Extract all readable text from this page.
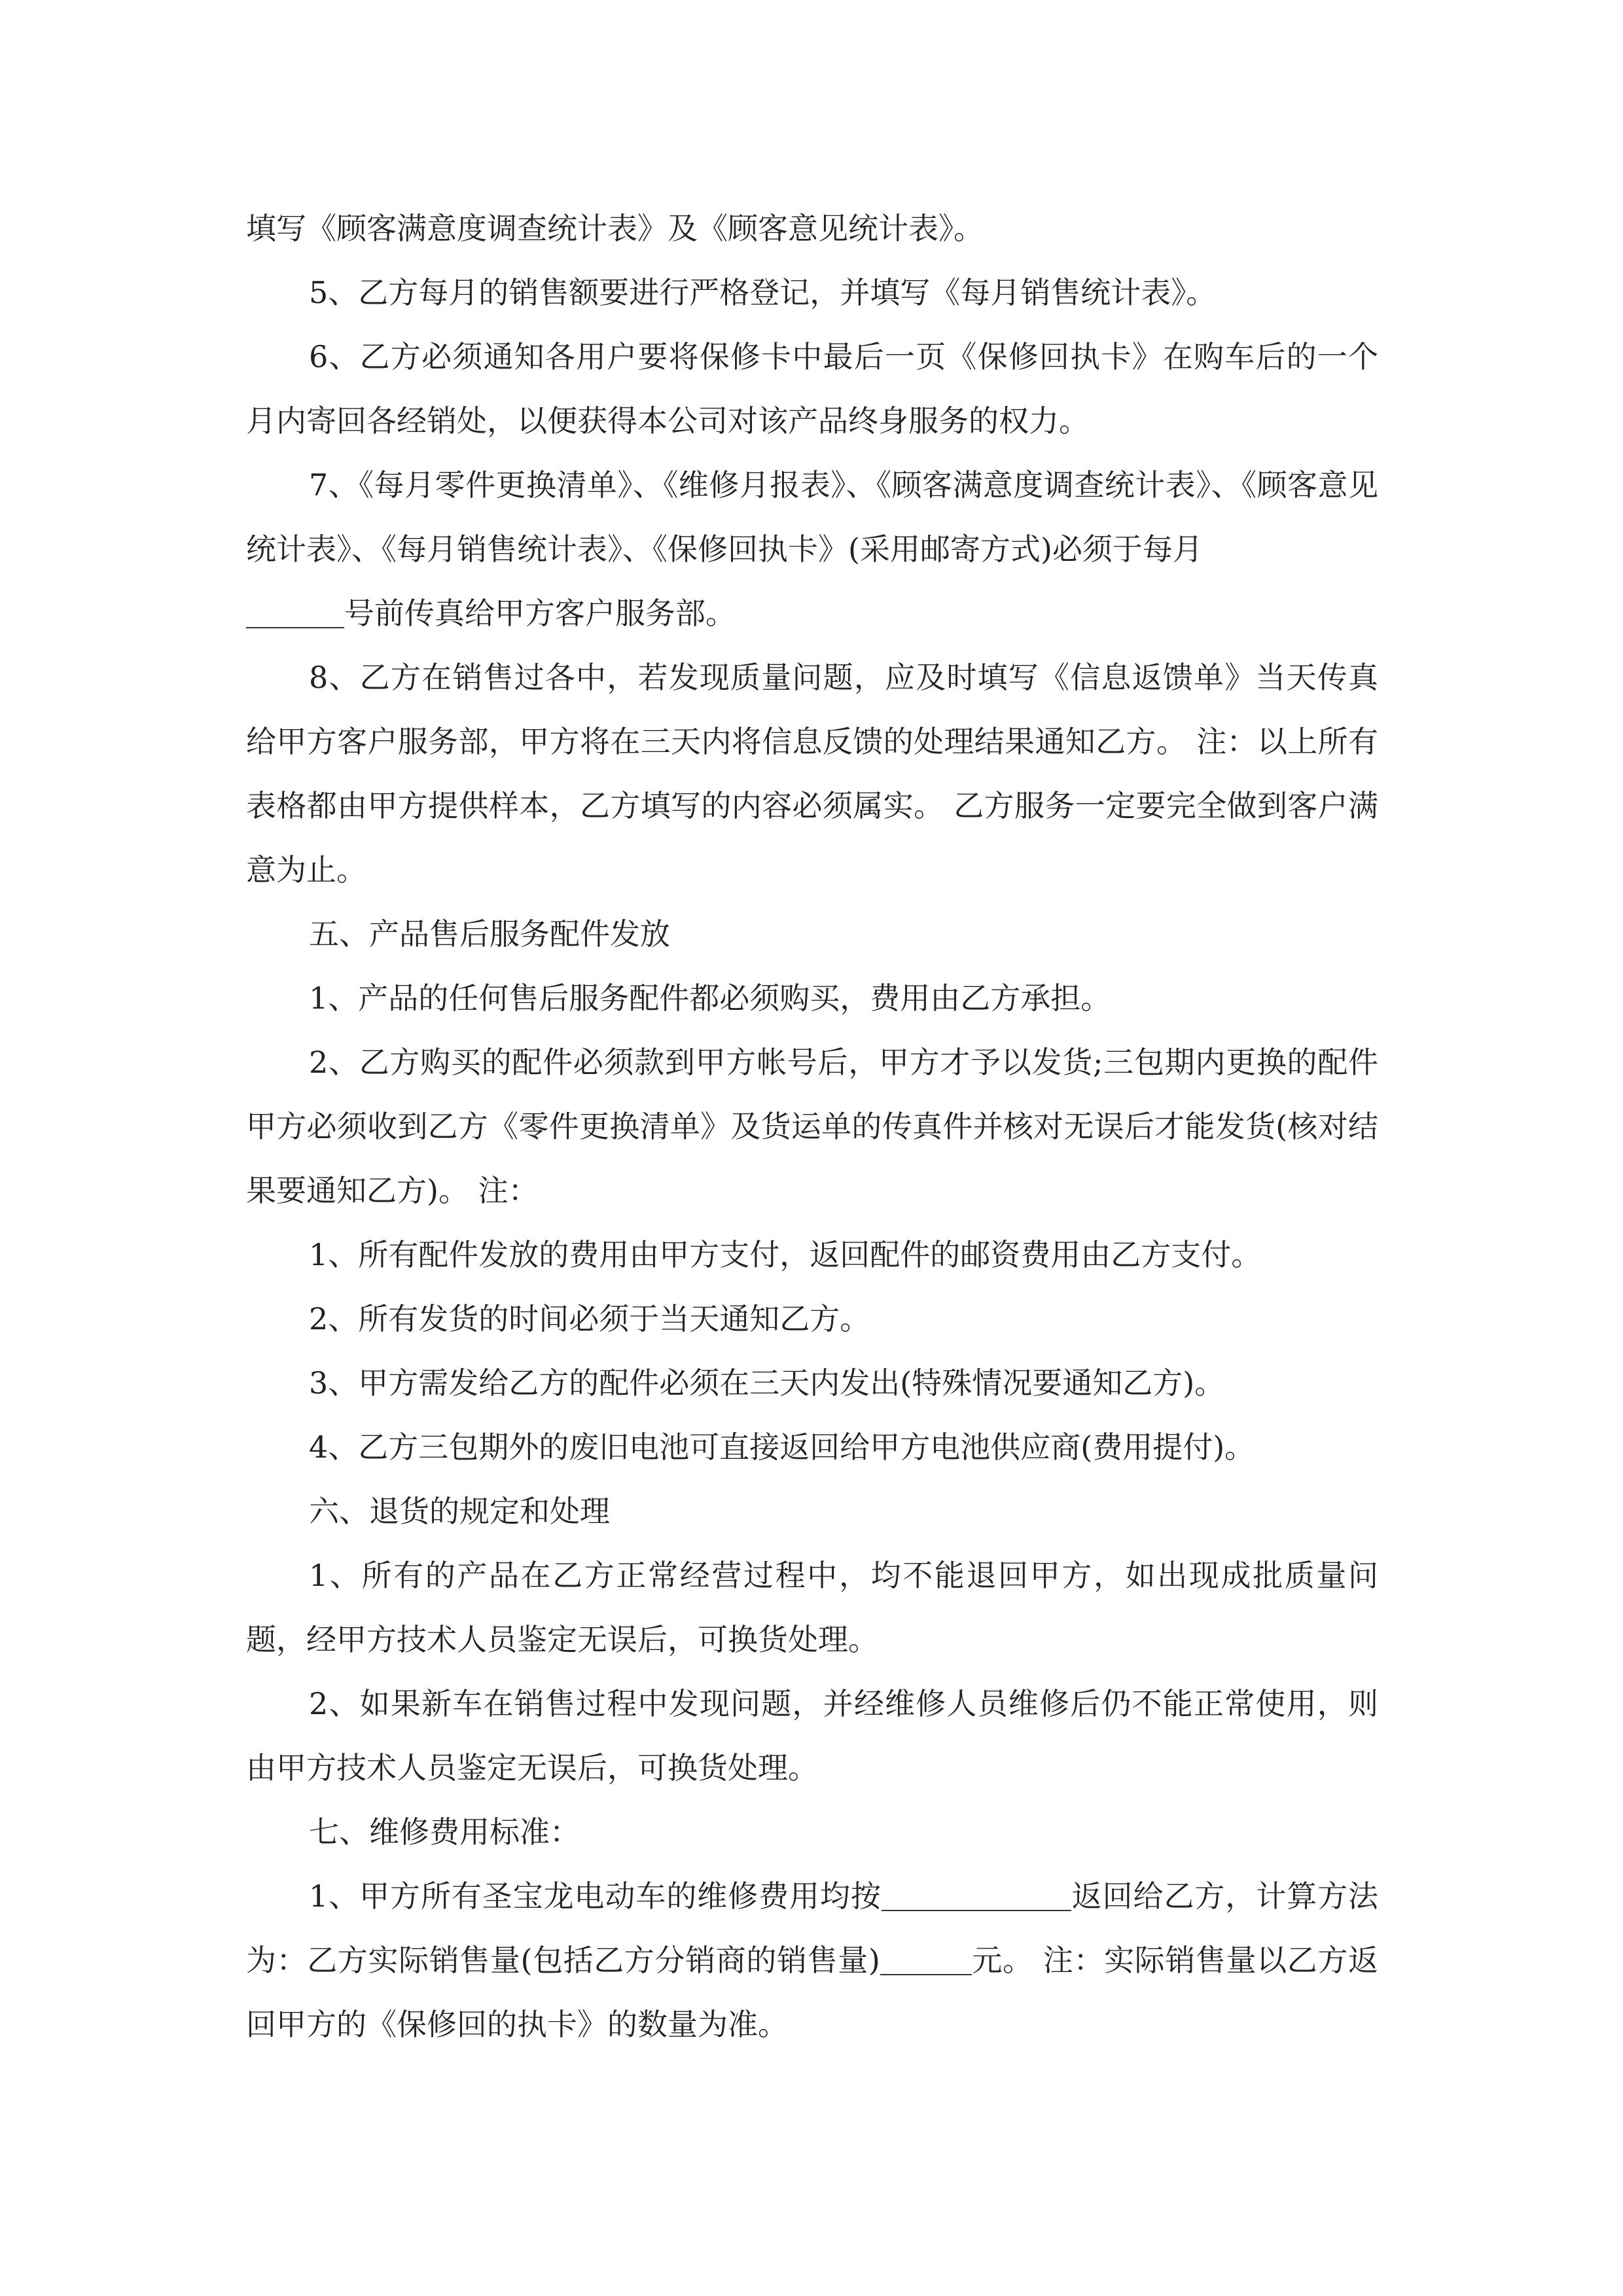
填写《顾客满意度调查统计表》及《顾客意见统计表》。

5、乙方每月的销售额要进行严格登记，并填写《每月销售统计表》。

6、乙方必须通知各用户要将保修卡中最后一页《保修回执卡》在购车后的一个月内寄回各经销处，以便获得本公司对该产品终身服务的权力。

7、《每月零件更换清单》、《维修月报表》、《顾客满意度调查统计表》、《顾客意见统计表》、《每月销售统计表》、《保修回执卡》(采用邮寄方式)必须于每月
号前传真给甲方客户服务部。

8、乙方在销售过各中，若发现质量问题，应及时填写《信息返馈单》当天传真给甲方客户服务部，甲方将在三天内将信息反馈的处理结果通知乙方。 注：以上所有表格都由甲方提供样本，乙方填写的内容必须属实。 乙方服务一定要完全做到客户满意为止。

五、产品售后服务配件发放

1、产品的任何售后服务配件都必须购买，费用由乙方承担。

2、乙方购买的配件必须款到甲方帐号后，甲方才予以发货;三包期内更换的配件甲方必须收到乙方《零件更换清单》及货运单的传真件并核对无误后才能发货(核对结果要通知乙方)。 注：

1、所有配件发放的费用由甲方支付，返回配件的邮资费用由乙方支付。

2、所有发货的时间必须于当天通知乙方。

3、甲方需发给乙方的配件必须在三天内发出(特殊情况要通知乙方)。

4、乙方三包期外的废旧电池可直接返回给甲方电池供应商(费用提付)。

六、退货的规定和处理

1、所有的产品在乙方正常经营过程中，均不能退回甲方，如出现成批质量问题，经甲方技术人员鉴定无误后，可换货处理。

2、如果新车在销售过程中发现问题，并经维修人员维修后仍不能正常使用，则由甲方技术人员鉴定无误后，可换货处理。

七、维修费用标准：

1、甲方所有圣宝龙电动车的维修费用均按	返回给乙方，计算方法为：乙方实际销售量(包括乙方分销商的销售量)	元。 注：实际销售量以乙方返回甲方的《保修回的执卡》的数量为准。
